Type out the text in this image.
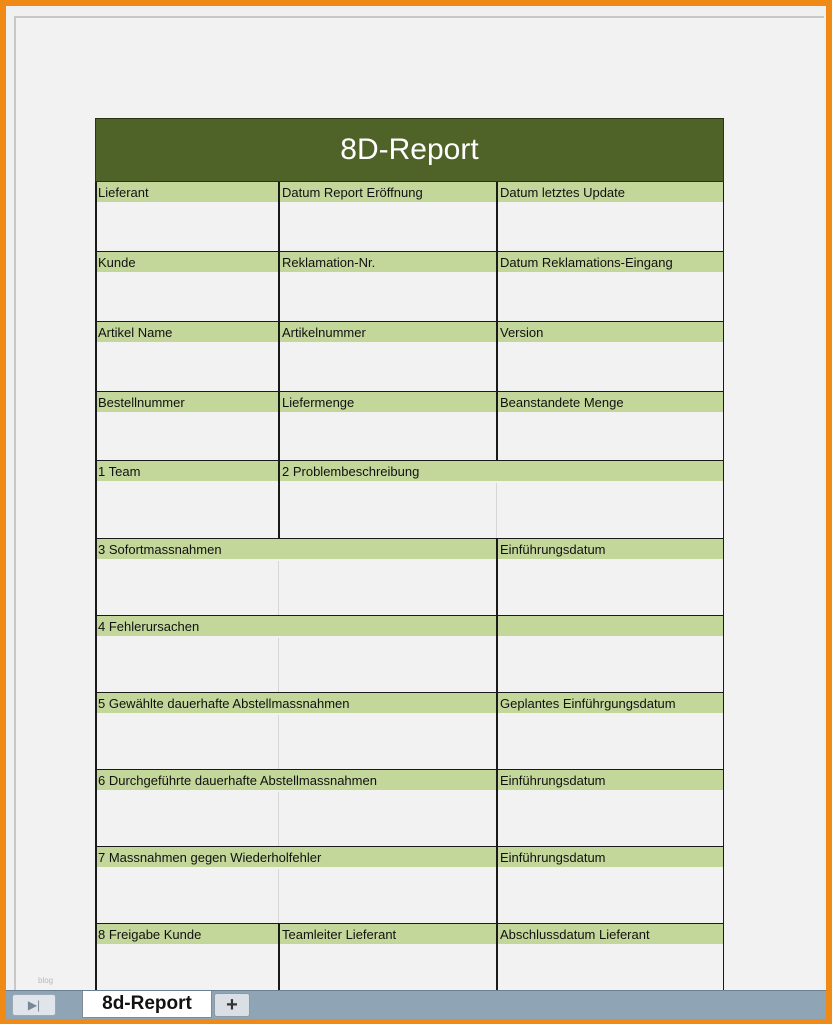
8D-Report
Lieferant	Datum Report Eröffnung	Datum letztes Update
Kunde	Reklamation-Nr.	Datum Reklamations-Eingang
Artikel Name	Artikelnummer	Version
Bestellnummer	Liefermenge	Beanstandete Menge
1 Team	2 Problembeschreibung
3 Sofortmassnahmen	Einführungsdatum
4 Fehlerursachen
5 Gewählte dauerhafte Abstellmassnahmen	Geplantes Einführgungsdatum
6 Durchgeführte dauerhafte Abstellmassnahmen	Einführungsdatum
7 Massnahmen gegen Wiederholfehler	Einführungsdatum
8 Freigabe Kunde	Teamleiter Lieferant	Abschlussdatum Lieferant
blog
▶|	8d-Report	+
